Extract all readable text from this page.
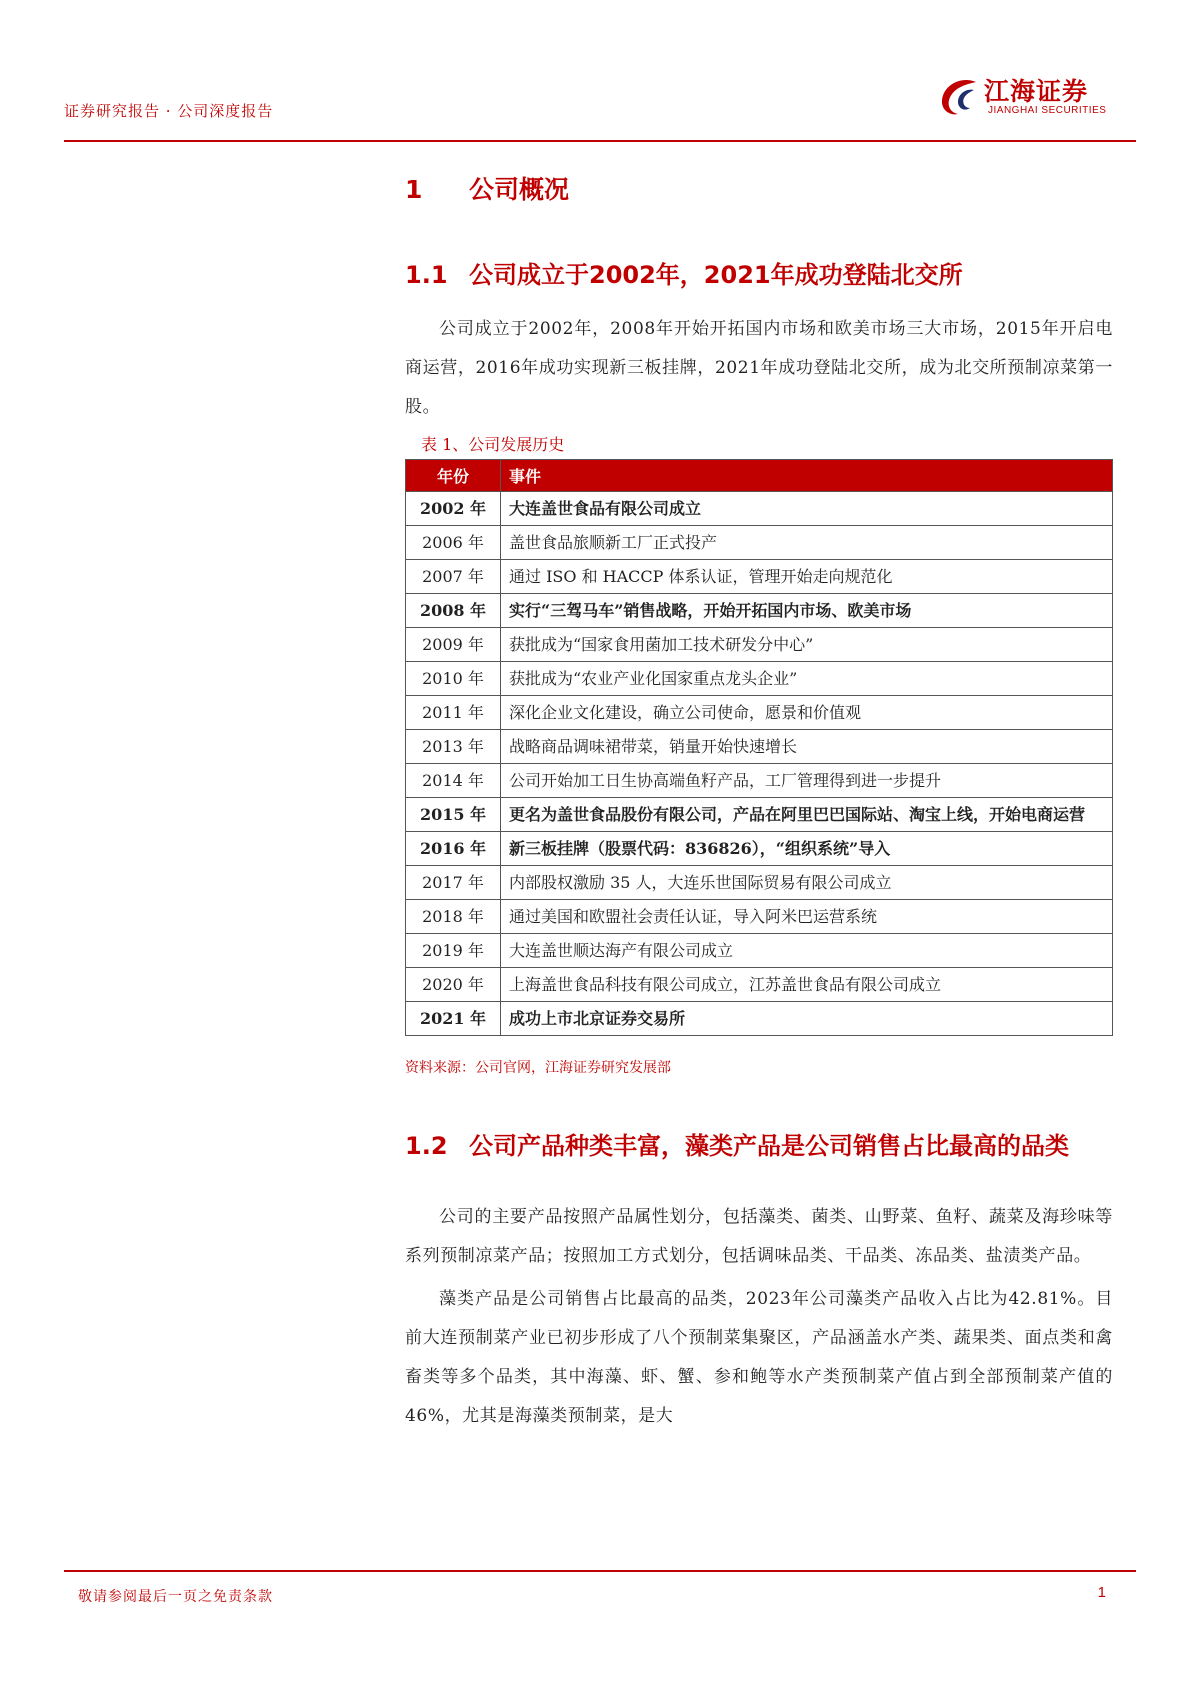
证券研究报告 · 公司深度报告
江海证券
JIANGHAI SECURITIES
1 公司概况
1.1 公司成立于2002年，2021年成功登陆北交所

公司成立于2002年，2008年开始开拓国内市场和欧美市场三大市场，2015年开启电商运营，2016年成功实现新三板挂牌，2021年成功登陆北交所，成为北交所预制凉菜第一股。

表 1、公司发展历史
年份	事件
2002 年	大连盖世食品有限公司成立
2006 年	盖世食品旅顺新工厂正式投产
2007 年	通过 ISO 和 HACCP 体系认证，管理开始走向规范化
2008 年	实行“三驾马车”销售战略，开始开拓国内市场、欧美市场
2009 年	获批成为“国家食用菌加工技术研发分中心”
2010 年	获批成为“农业产业化国家重点龙头企业”
2011 年	深化企业文化建设，确立公司使命，愿景和价值观
2013 年	战略商品调味裙带菜，销量开始快速增长
2014 年	公司开始加工日生协高端鱼籽产品，工厂管理得到进一步提升
2015 年	更名为盖世食品股份有限公司，产品在阿里巴巴国际站、淘宝上线，开始电商运营
2016 年	新三板挂牌（股票代码：836826），“组织系统”导入
2017 年	内部股权激励 35 人，大连乐世国际贸易有限公司成立
2018 年	通过美国和欧盟社会责任认证，导入阿米巴运营系统
2019 年	大连盖世顺达海产有限公司成立
2020 年	上海盖世食品科技有限公司成立，江苏盖世食品有限公司成立
2021 年	成功上市北京证券交易所
资料来源：公司官网，江海证券研究发展部
1.2 公司产品种类丰富，藻类产品是公司销售占比最高的品类

公司的主要产品按照产品属性划分，包括藻类、菌类、山野菜、鱼籽、蔬菜及海珍味等系列预制凉菜产品；按照加工方式划分，包括调味品类、干品类、冻品类、盐渍类产品。

藻类产品是公司销售占比最高的品类，2023年公司藻类产品收入占比为42.81%。目前大连预制菜产业已初步形成了八个预制菜集聚区，产品涵盖水产类、蔬果类、面点类和禽畜类等多个品类，其中海藻、虾、蟹、参和鲍等水产类预制菜产值占到全部预制菜产值的46%，尤其是海藻类预制菜，是大

敬请参阅最后一页之免责条款	1
